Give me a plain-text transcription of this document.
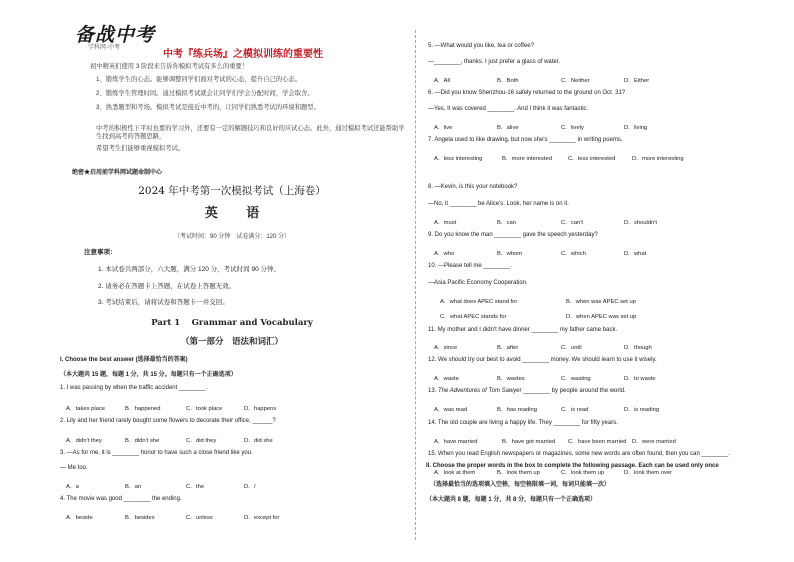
备战中考
学科网·中考
中考『练兵场』之模拟训练的重要性
初中精英们使用 3 阶段来告诉你模拟考试有多么的重要！
1、锻炼学生的心态。能够调整同学们面对考试的心态，提升自己的心态。
2、锻炼学生管理时间。通过模拟考试就会让同学们学会分配时间，学会取舍。
3、熟悉题型和考场。模拟考试是接近中考的，让同学们熟悉考试的环境和题型。
中考的积极性下平时也要的学习外，还要有一定的解题技巧和良好的应试心态。此外，通过模拟考试还能帮助学生找到高考的答题思路，
希望考生们能够重视模拟考试。
绝密★启用前学科网试题命制中心
2024 年中考第一次模拟考试（上海卷）
英 语
（考试时间：90 分钟　试卷满分：120 分）
注意事项：
1. 本试卷共两部分，六大题，满分 120 分，考试时间 90 分钟。
2. 请务必在答题卡上答题，在试卷上答题无效。
3. 考试结束后，请将试卷和答题卡一并交回。
Part 1　 Grammar and Vocabulary
（第一部分　语法和词汇）
I. Choose the best answer (选择最恰当的答案)
（本大题共 15 题，每题 1 分，共 15 分。每题只有一个正确选项）
1. I was passing by when the traffic accident ________.
A．takes place	B．happened	C．took place	D．happens
2. Lily and her friend rarely bought some flowers to decorate their office, ______?
A．didn't they	B．didn't she	C．did they	D．did she
3. —As for me, it is ________ honor to have such a close friend like you.
— Me too.
A．a	B．an	C．the	D．/
4. The movie was good ________ the ending.
A．beside	B．besides	C．unless	D．except for
5. —What would you like, tea or coffee?
—________, thanks. I just prefer a glass of water.
A．All	B．Both	C．Neither	D．Either
6. —Did you know Shenzhou-16 safely returned to the ground on Oct. 31?
—Yes. It was covered ________. And I think it was fantastic.
A．live	B．alive	C．lively	D．living
7. Angela used to like drawing, but now she's ________ in writing poems.
A．less interesting	B．more interested	C．less interested	D．more interesting
8. —Kevin, is this your notebook?
—No, it ________ be Alice's. Look, her name is on it.
A．must	B．can	C．can't	D．shouldn't
9. Do you know the man ________ gave the speech yesterday?
A．who	B．whom	C．which	D．what
10. —Please tell me ________.
—Asia Pacific Economy Cooperation.
A．what does APEC stand for	B．when was APEC set up
C．what APEC stands for	D．when APEC was set up
11. My mother and I didn't have dinner ________ my father came back.
A．since	B．after	C．until	D．though
12. We should try our best to avoid ________ money. We should learn to use it wisely.
A．waste	B．wastes	C．wasting	D．to waste
13. The Adventures of Tom Sawyer ________ by people around the world.
A．was read	B．has reading	C．is read	D．is reading
14. The old couple are living a happy life. They ________ for fifty years.
A．have married	B．have got married C．have been married D．were married
15. When you read English newspapers or magazines, some new words are often found, then you can ________.
A．look at them	B．look them up	C．look them up	D．look them over
II. Choose the proper words in the box to complete the following passage. Each can be used only once
（选择最恰当的选项填入空格，每空格限填一词，每词只能填一次）
（本大题共 8 题，每题 1 分，共 8 分，每题只有一个正确选项）
